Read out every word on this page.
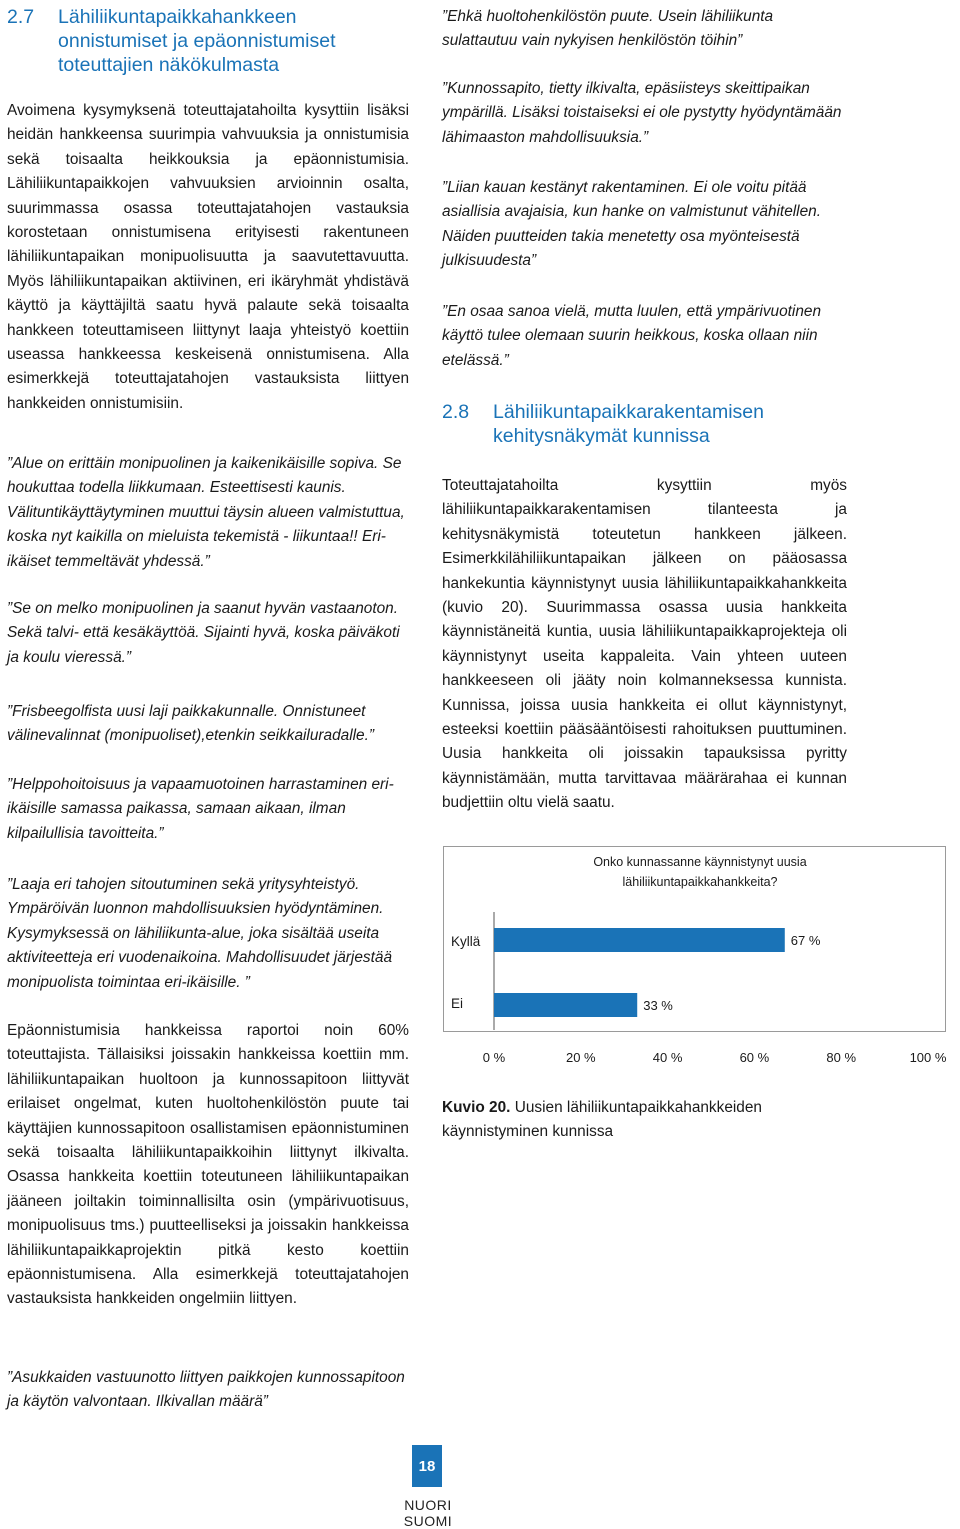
2.7	Lähiliikuntapaikkahankkeen onnistumiset ja epäonnistumiset toteuttajien näkökulmasta

Avoimena kysymyksenä toteuttajatahoilta kysyttiin lisäksi heidän hankkeensa suurimpia vahvuuksia ja onnistumisia sekä toisaalta heikkouksia ja epäonnistumisia. Lähiliikuntapaikkojen vahvuuksien arvioinnin osalta, suurimmassa osassa toteuttajatahojen vastauksia korostetaan onnistumisena erityisesti rakentuneen lähiliikuntapaikan monipuolisuutta ja saavutettavuutta. Myös lähiliikuntapaikan aktiivinen, eri ikäryhmät yhdistävä käyttö ja käyttäjiltä saatu hyvä palaute sekä toisaalta hankkeen toteuttamiseen liittynyt laaja yhteistyö koettiin useassa hankkeessa keskeisenä onnistumisena. Alla esimerkkejä toteuttajatahojen vastauksista liittyen hankkeiden onnistumisiin.

”Alue on erittäin monipuolinen ja kaikenikäisille sopiva. Se houkuttaa todella liikkumaan. Esteettisesti kaunis. Välituntikäyttäytyminen muuttui täysin alueen valmistuttua, koska nyt kaikilla on mieluista tekemistä - liikuntaa!! Eri-ikäiset temmeltävät yhdessä.”

”Se on melko monipuolinen ja saanut hyvän vastaanoton. Sekä talvi- että kesäkäyttöä. Sijainti hyvä, koska päiväkoti ja koulu vieressä.”

”Frisbeegolfista uusi laji paikkakunnalle. Onnistuneet välinevalinnat (monipuoliset),etenkin seikkailuradalle.”

”Helppohoitoisuus ja vapaamuotoinen harrastaminen eri-ikäisille samassa paikassa, samaan aikaan, ilman kilpailullisia tavoitteita.”

”Laaja eri tahojen sitoutuminen sekä yritysyhteistyö. Ympäröivän luonnon mahdollisuuksien hyödyntäminen. Kysymyksessä on lähiliikunta-alue, joka sisältää useita aktiviteetteja eri vuodenaikoina. Mahdollisuudet järjestää monipuolista toimintaa eri-ikäisille. ”

Epäonnistumisia hankkeissa raportoi noin 60% toteuttajista. Tällaisiksi joissakin hankkeissa koettiin mm. lähiliikuntapaikan huoltoon ja kunnossapitoon liittyvät erilaiset ongelmat, kuten huoltohenkilöstön puute tai käyttäjien kunnossapitoon osallistamisen epäonnistuminen sekä toisaalta lähiliikuntapaikkoihin liittynyt ilkivalta. Osassa hankkeita koettiin toteutuneen lähiliikuntapaikan jääneen joiltakin toiminnallisilta osin (ympärivuotisuus, monipuolisuus tms.) puutteelliseksi ja joissakin hankkeissa lähiliikuntapaikkaprojektin pitkä kesto koettiin epäonnistumisena. Alla esimerkkejä toteuttajatahojen vastauksista hankkeiden ongelmiin liittyen.

”Asukkaiden vastuunotto liittyen paikkojen kunnossapitoon ja käytön valvontaan. Ilkivallan määrä”

”Ehkä huoltohenkilöstön puute. Usein lähiliikunta sulattautuu vain nykyisen henkilöstön töihin”

”Kunnossapito, tietty ilkivalta, epäsiisteys skeittipaikan ympärillä. Lisäksi toistaiseksi ei ole pystytty hyödyntämään lähimaaston mahdollisuuksia.”

”Liian kauan kestänyt rakentaminen. Ei ole voitu pitää asiallisia avajaisia, kun hanke on valmistunut vähitellen. Näiden puutteiden takia menetetty osa myönteisestä julkisuudesta”

”En osaa sanoa vielä, mutta luulen, että ympärivuotinen käyttö tulee olemaan suurin heikkous, koska ollaan niin etelässä.”

2.8	Lähiliikuntapaikkarakentamisen kehitysnäkymät kunnissa

Toteuttajatahoilta kysyttiin myös lähiliikuntapaikkarakentamisen tilanteesta ja kehitysnäkymistä toteutetun hankkeen jälkeen. Esimerkkilähiliikuntapaikan jälkeen on pääosassa hankekuntia käynnistynyt uusia lähiliikuntapaikkahankkeita (kuvio 20). Suurimmassa osassa uusia hankkeita käynnistäneitä kuntia, uusia lähiliikuntapaikkaprojekteja oli käynnistynyt useita kappaleita. Vain yhteen uuteen hankkeeseen oli jääty noin kolmanneksessa kunnista. Kunnissa, joissa uusia hankkeita ei ollut käynnistynyt, esteeksi koettiin pääsääntöisesti rahoituksen puuttuminen. Uusia hankkeita oli joissakin tapauksissa pyritty käynnistämään, mutta tarvittavaa määrärahaa ei kunnan budjettiin oltu vielä saatu.

Onko kunnassanne käynnistynyt uusia
lähiliikuntapaikkahankkeita?
Kyllä	67 %
Ei	33 %
0 %	20 %	40 %	60 %	80 %	100 %
Kuvio 20. Uusien lähiliikuntapaikkahankkeiden käynnistyminen kunnissa
18
NUORI SUOMI
